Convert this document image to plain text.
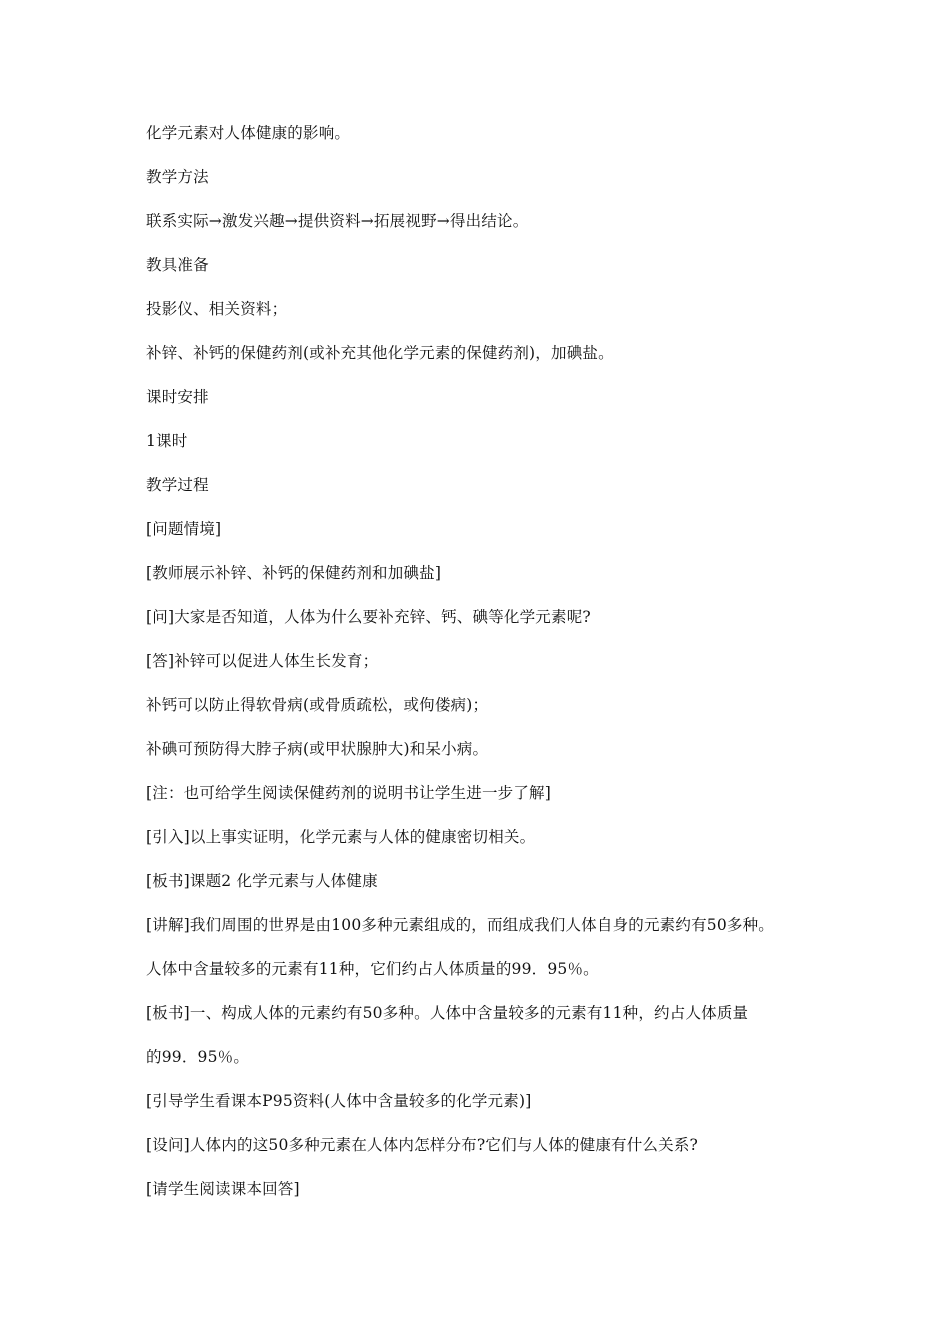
化学元素对人体健康的影响。
教学方法
联系实际→激发兴趣→提供资料→拓展视野→得出结论。
教具准备
投影仪、相关资料；
补锌、补钙的保健药剂(或补充其他化学元素的保健药剂)，加碘盐。
课时安排
1课时
教学过程
[问题情境]
[教师展示补锌、补钙的保健药剂和加碘盐]
[问]大家是否知道，人体为什么要补充锌、钙、碘等化学元素呢?
[答]补锌可以促进人体生长发育；
补钙可以防止得软骨病(或骨质疏松，或佝偻病)；
补碘可预防得大脖子病(或甲状腺肿大)和呆小病。
[注：也可给学生阅读保健药剂的说明书让学生进一步了解]
[引入]以上事实证明，化学元素与人体的健康密切相关。
[板书]课题2 化学元素与人体健康
[讲解]我们周围的世界是由100多种元素组成的，而组成我们人体自身的元素约有50多种。
人体中含量较多的元素有11种，它们约占人体质量的99．95％。
[板书]一、构成人体的元素约有50多种。人体中含量较多的元素有11种，约占人体质量
的99．95％。
[引导学生看课本P95资料(人体中含量较多的化学元素)]
[设问]人体内的这50多种元素在人体内怎样分布?它们与人体的健康有什么关系?
[请学生阅读课本回答]
